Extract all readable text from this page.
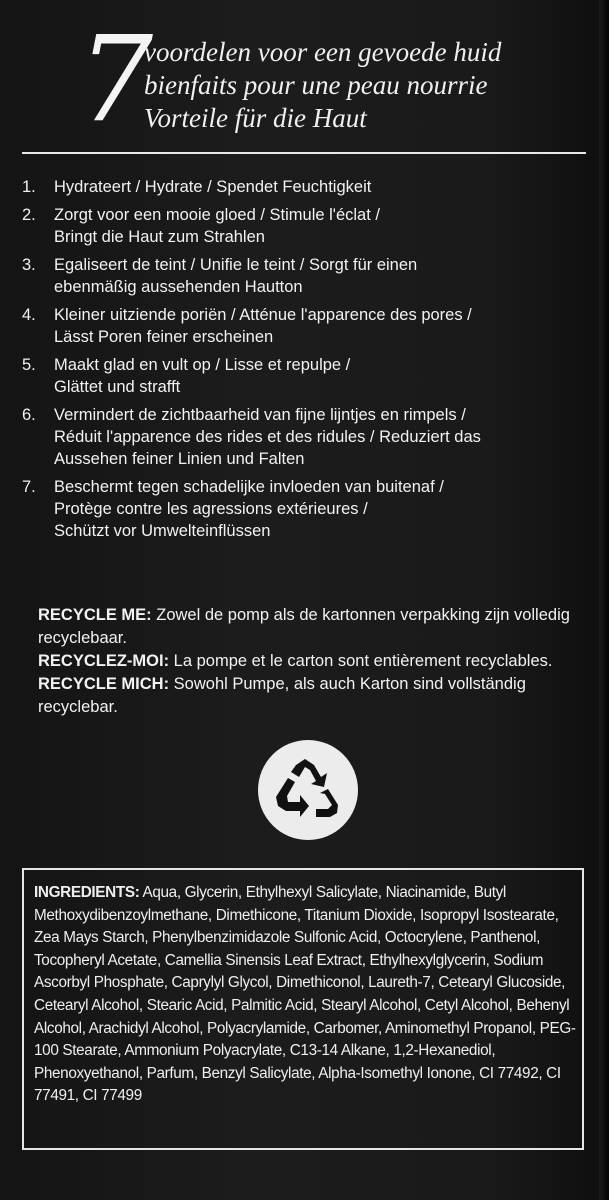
7
voordelen voor een gevoede huid
bienfaits pour une peau nourrie
Vorteile für die Haut
1. Hydrateert / Hydrate / Spendet Feuchtigkeit
2. Zorgt voor een mooie gloed / Stimule l'éclat /
Bringt die Haut zum Strahlen
3. Egaliseert de teint / Unifie le teint / Sorgt für einen
ebenmäßig aussehenden Hautton
4. Kleiner uitziende poriën / Atténue l'apparence des pores /
Lässt Poren feiner erscheinen
5. Maakt glad en vult op / Lisse et repulpe /
Glättet und strafft
6. Vermindert de zichtbaarheid van fijne lijntjes en rimpels /
Réduit l'apparence des rides et des ridules / Reduziert das
Aussehen feiner Linien und Falten
7. Beschermt tegen schadelijke invloeden van buitenaf /
Protège contre les agressions extérieures /
Schützt vor Umwelteinflüssen

RECYCLE ME: Zowel de pomp als de kartonnen verpakking zijn volledig recyclebaar.

RECYCLEZ-MOI: La pompe et le carton sont entièrement recyclables.

RECYCLE MICH: Sowohl Pumpe, als auch Karton sind vollständig recyclebar.

INGREDIENTS: Aqua, Glycerin, Ethylhexyl Salicylate, Niacinamide, Butyl Methoxydibenzoylmethane, Dimethicone, Titanium Dioxide, Isopropyl Isostearate, Zea Mays Starch, Phenylbenzimidazole Sulfonic Acid, Octocrylene, Panthenol, Tocopheryl Acetate, Camellia Sinensis Leaf Extract, Ethylhexylglycerin, Sodium Ascorbyl Phosphate, Caprylyl Glycol, Dimethiconol, Laureth-7, Cetearyl Glucoside, Cetearyl Alcohol, Stearic Acid, Palmitic Acid, Stearyl Alcohol, Cetyl Alcohol, Behenyl Alcohol, Arachidyl Alcohol, Polyacrylamide, Carbomer, Aminomethyl Propanol, PEG-100 Stearate, Ammonium Polyacrylate, C13-14 Alkane, 1,2-Hexanediol, Phenoxyethanol, Parfum, Benzyl Salicylate, Alpha-Isomethyl Ionone, CI 77492, CI 77491, CI 77499
